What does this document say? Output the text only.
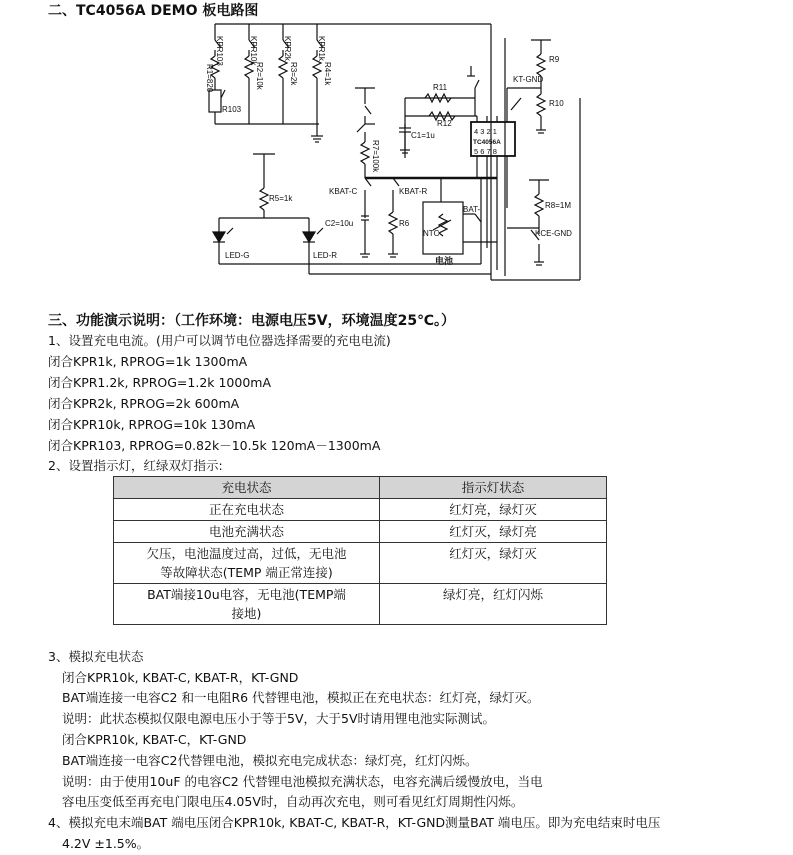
二、TC4056A DEMO 板电路图
KPR103
R1=820
R103
KPR10k
R2=10k
KPR2k
R3=2k
KPR1k
R4=1k
R11
R12
C1=1u	4 3 2 1
TC4056A
5 6 7 8
R9
KT-GND
R10
R7=100k
KBAT-C	KBAT-R
C2=10u	R6
BAT-
NTC
电池
R8=1M
KCE-GND
R5=1k
LED-G	LED-R
三、功能演示说明：（工作环境：电源电压5V，环境温度25℃。）
1、设置充电电流。(用户可以调节电位器选择需要的充电电流)
闭合KPR1k, RPROG=1k 1300mA
闭合KPR1.2k, RPROG=1.2k 1000mA
闭合KPR2k, RPROG=2k 600mA
闭合KPR10k, RPROG=10k 130mA
闭合KPR103, RPROG=0.82k－10.5k 120mA－1300mA
2、设置指示灯，红绿双灯指示:
充电状态	指示灯状态
正在充电状态	红灯亮，绿灯灭
电池充满状态	红灯灭，绿灯亮
欠压，电池温度过高，过低，无电池等故障状态(TEMP 端正常连接)	红灯灭，绿灯灭
BAT端接10u电容，无电池(TEMP端接地)	绿灯亮，红灯闪烁
3、模拟充电状态
闭合KPR10k, KBAT-C, KBAT-R，KT-GND
BAT端连接一电容C2 和一电阻R6 代替锂电池，模拟正在充电状态：红灯亮，绿灯灭。
说明：此状态模拟仅限电源电压小于等于5V，大于5V时请用锂电池实际测试。
闭合KPR10k, KBAT-C，KT-GND
BAT端连接一电容C2代替锂电池，模拟充电完成状态：绿灯亮，红灯闪烁。
说明：由于使用10uF 的电容C2 代替锂电池模拟充满状态，电容充满后缓慢放电，当电
容电压变低至再充电门限电压4.05V时，自动再次充电，则可看见红灯周期性闪烁。
4、模拟充电末端BAT 端电压闭合KPR10k, KBAT-C, KBAT-R，KT-GND测量BAT 端电压。即为充电结束时电压
4.2V ±1.5%。
